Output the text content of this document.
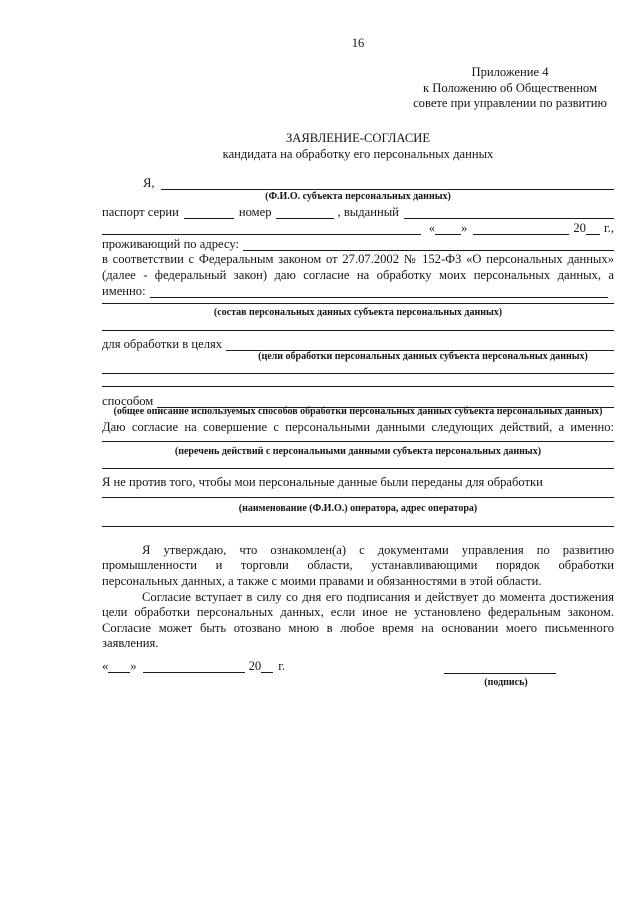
16
Приложение 4
к Положению об Общественном
совете при управлении по развитию
ЗАЯВЛЕНИЕ-СОГЛАСИЕ
кандидата на обработку его персональных данных
Я,
(Ф.И.О. субъекта персональных данных)
паспорт серии	номер	, выданный
« »	20 г.,
проживающий по адресу:
в соответствии с Федеральным законом от 27.07.2002 № 152-ФЗ «О персональных данных»
(далее - федеральный закон) даю согласие на обработку моих персональных данных, а
именно:
(состав персональных данных субъекта персональных данных)
для обработки в целях
(цели обработки персональных данных субъекта персональных данных)
способом
(общее описание используемых способов обработки персональных данных субъекта персональных данных)
Даю согласие на совершение с персональными данными следующих действий, а именно:
(перечень действий с персональными данными субъекта персональных данных)
Я не против того, чтобы мои персональные данные были переданы для обработки
(наименование (Ф.И.О.) оператора, адрес оператора)
Я утверждаю, что ознакомлен(а) с документами управления по развитию
промышленности и торговли области, устанавливающими порядок обработки
персональных данных, а также с моими правами и обязанностями в этой области.
Согласие вступает в силу со дня его подписания и действует до момента достижения
цели обработки персональных данных, если иное не установлено федеральным законом.
Согласие может быть отозвано мною в любое время на основании моего письменного
заявления.
« »	20 г.
(подпись)
